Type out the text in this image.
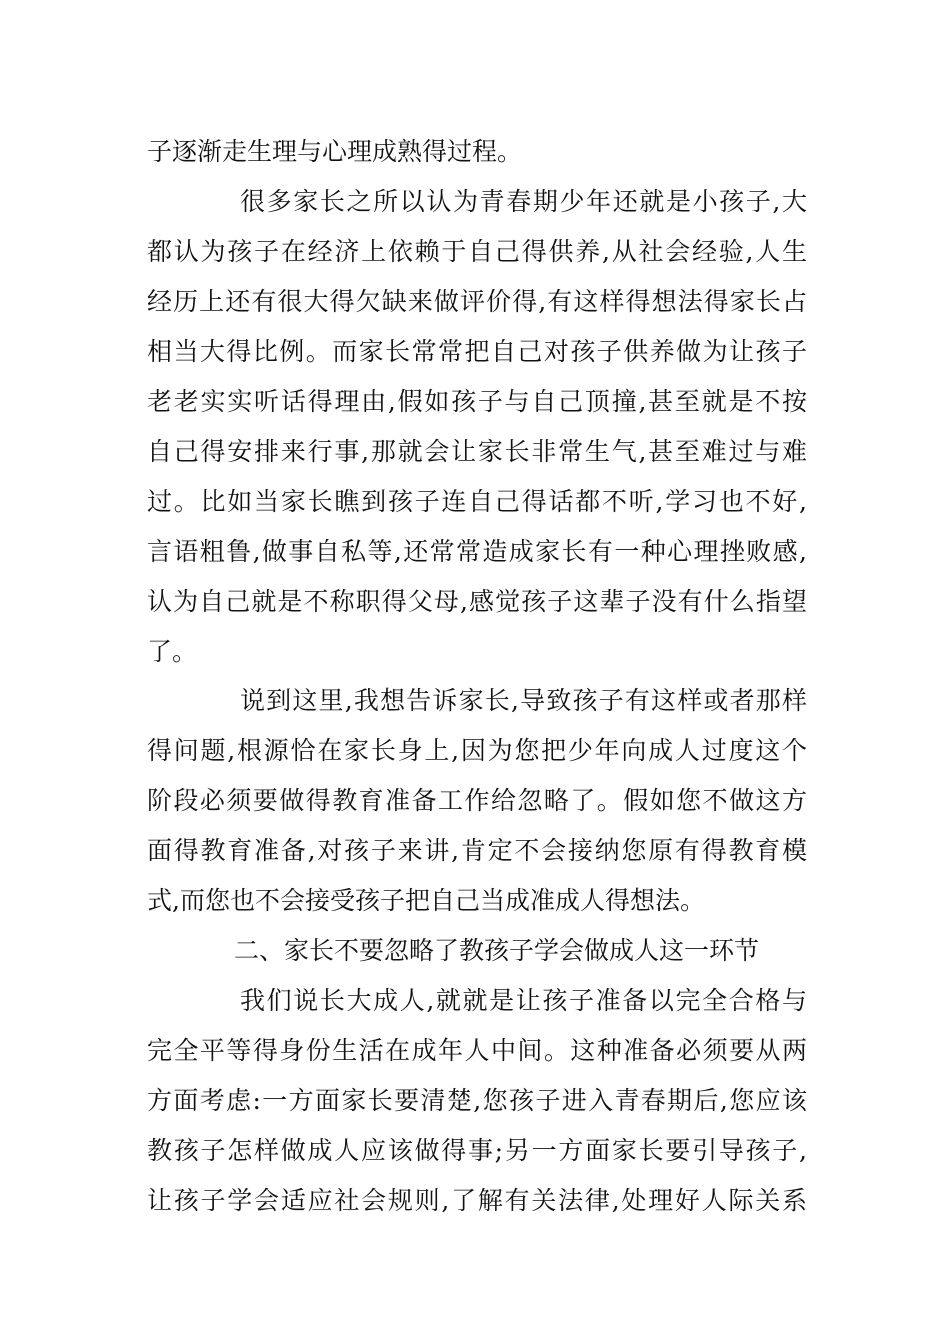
子逐渐走生理与心理成熟得过程。
很多家长之所以认为青春期少年还就是小孩子,大
都认为孩子在经济上依赖于自己得供养,从社会经验,人生
经历上还有很大得欠缺来做评价得,有这样得想法得家长占
相当大得比例。而家长常常把自己对孩子供养做为让孩子
老老实实听话得理由,假如孩子与自己顶撞,甚至就是不按
自己得安排来行事,那就会让家长非常生气,甚至难过与难
过。比如当家长瞧到孩子连自己得话都不听,学习也不好,
言语粗鲁,做事自私等,还常常造成家长有一种心理挫败感,
认为自己就是不称职得父母,感觉孩子这辈子没有什么指望
了。
说到这里,我想告诉家长,导致孩子有这样或者那样
得问题,根源恰在家长身上,因为您把少年向成人过度这个
阶段必须要做得教育准备工作给忽略了。假如您不做这方
面得教育准备,对孩子来讲,肯定不会接纳您原有得教育模
式,而您也不会接受孩子把自己当成准成人得想法。
二、家长不要忽略了教孩子学会做成人这一环节
我们说长大成人,就就是让孩子准备以完全合格与
完全平等得身份生活在成年人中间。这种准备必须要从两
方面考虑:一方面家长要清楚,您孩子进入青春期后,您应该
教孩子怎样做成人应该做得事;另一方面家长要引导孩子,
让孩子学会适应社会规则,了解有关法律,处理好人际关系
